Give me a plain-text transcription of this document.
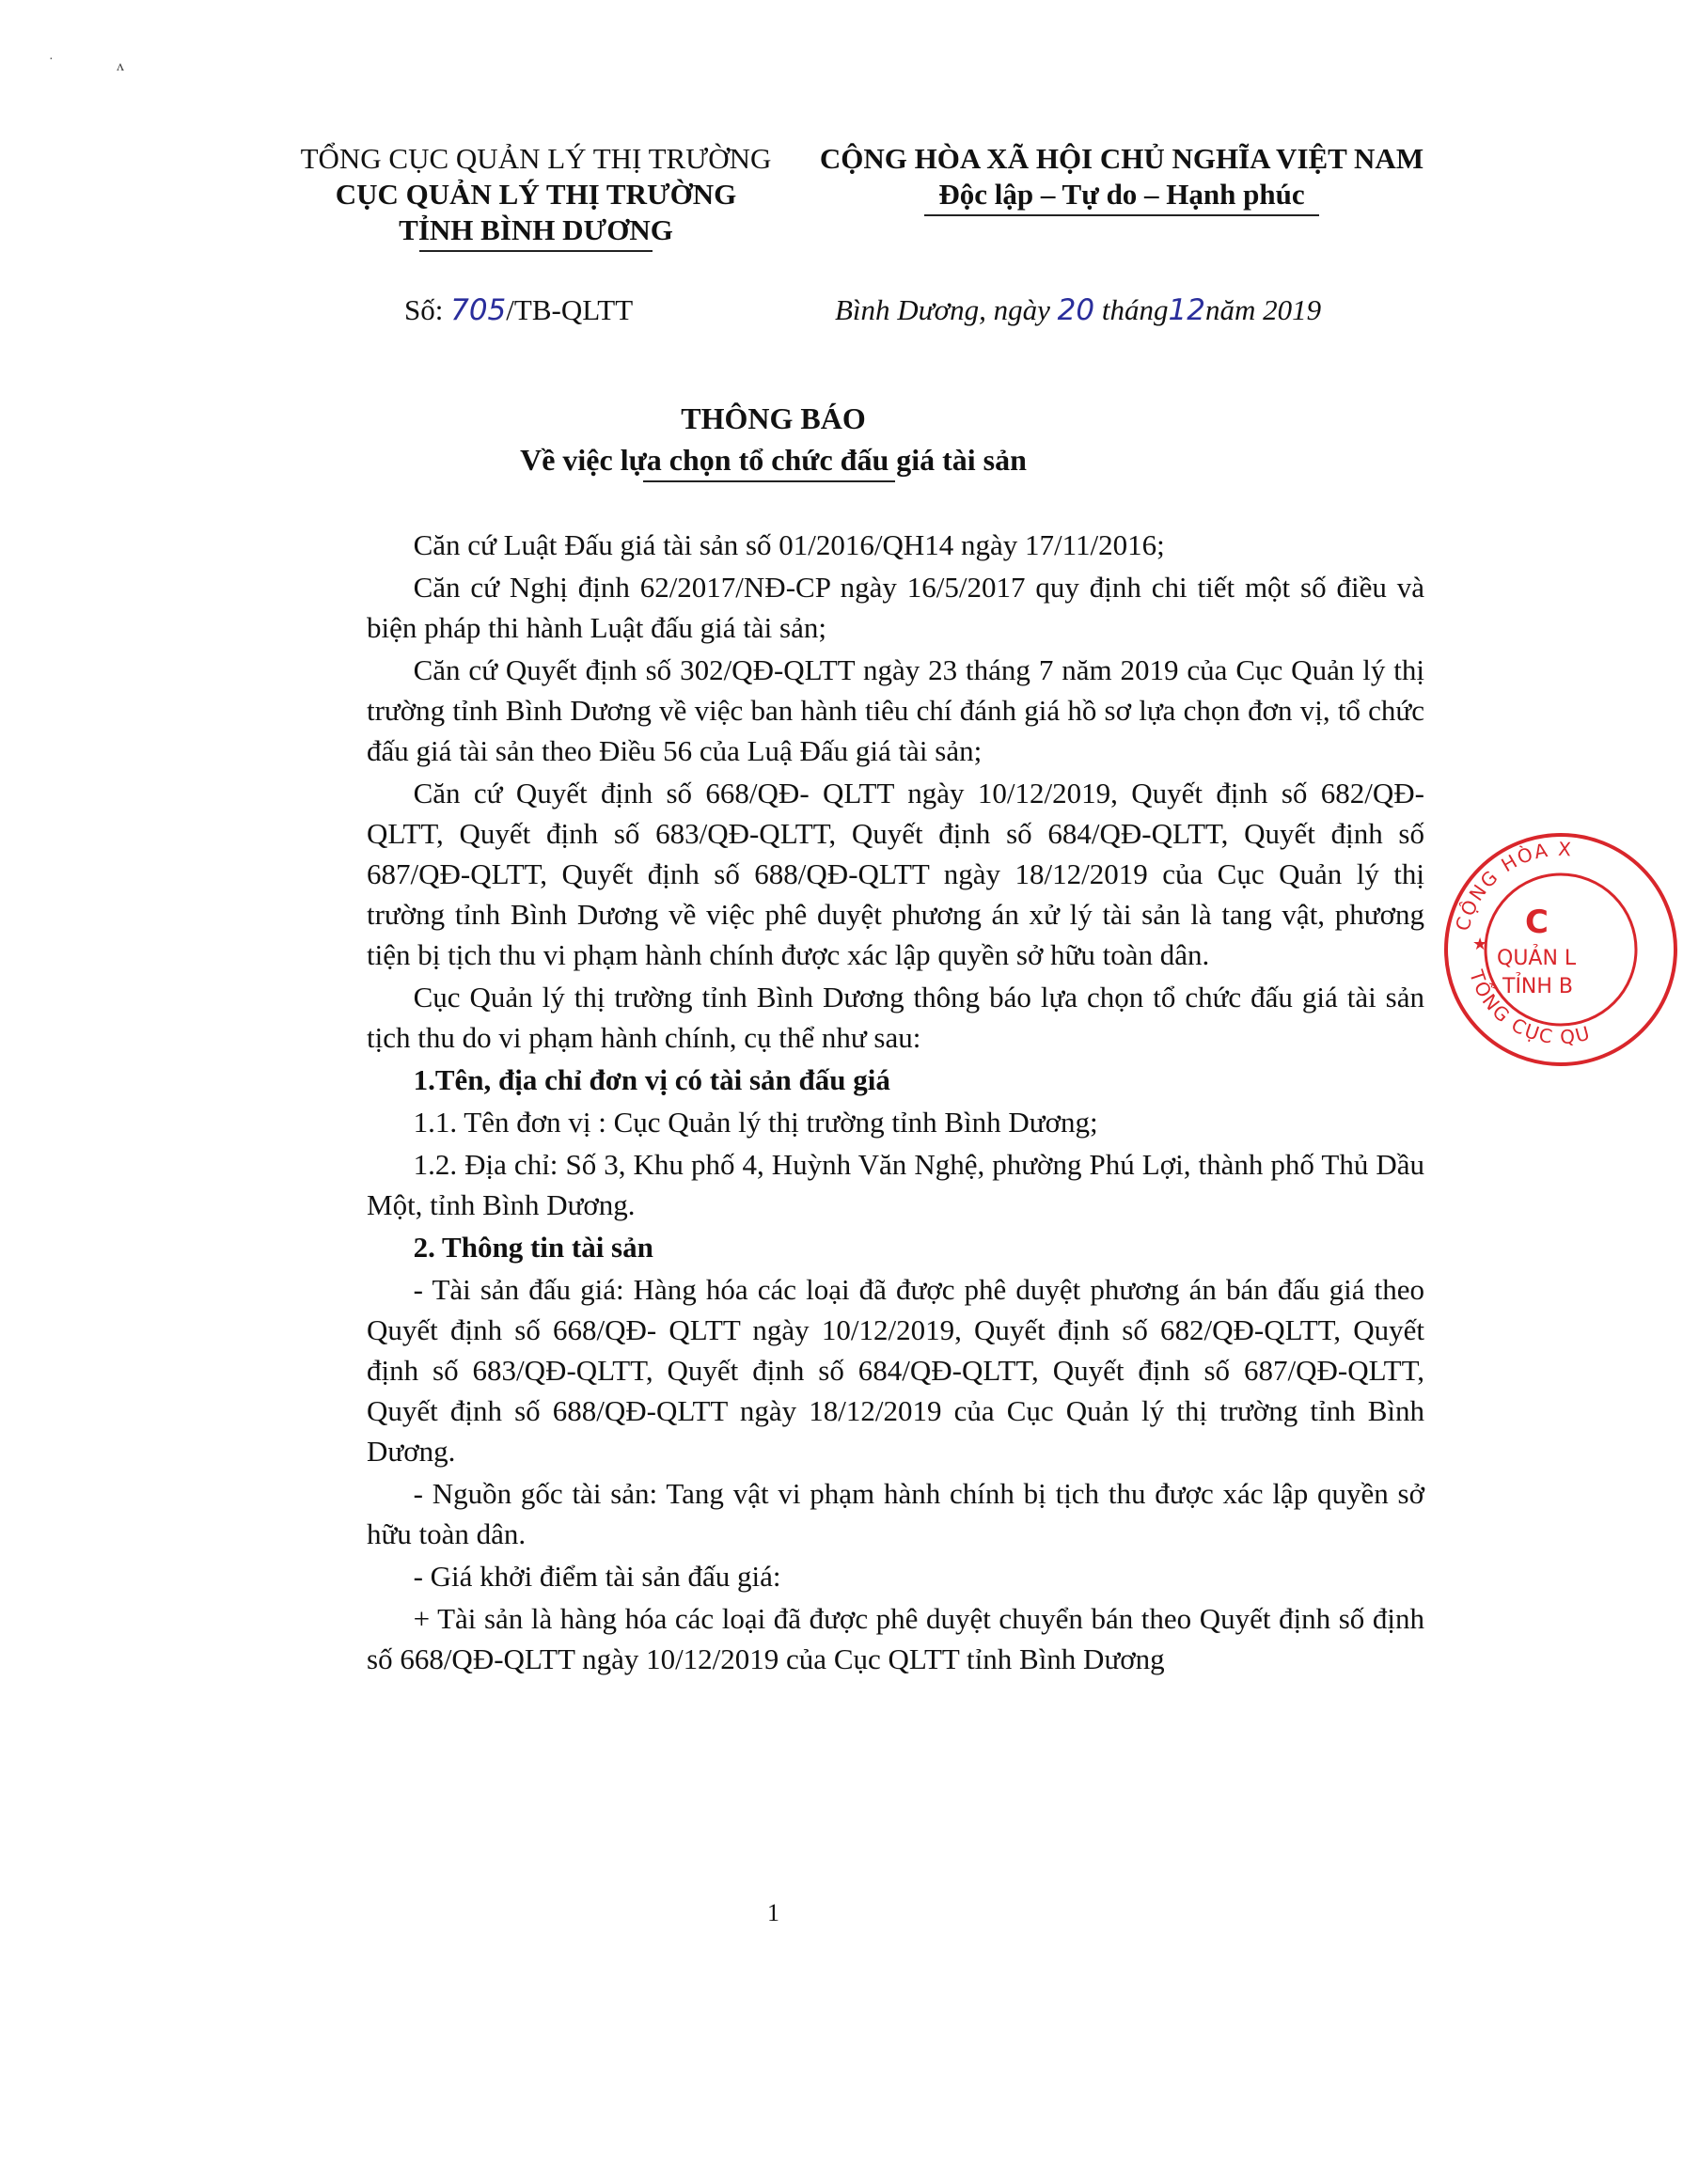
·	ʌ
TỔNG CỤC QUẢN LÝ THỊ TRƯỜNG
CỤC QUẢN LÝ THỊ TRƯỜNG
TỈNH BÌNH DƯƠNG
CỘNG HÒA XÃ HỘI CHỦ NGHĨA VIỆT NAM
Độc lập – Tự do – Hạnh phúc
Số: 705/TB-QLTT	Bình Dương, ngày 20 tháng12năm 2019
THÔNG BÁO
Về việc lựa chọn tổ chức đấu giá tài sản

Căn cứ Luật Đấu giá tài sản số 01/2016/QH14 ngày 17/11/2016;

Căn cứ Nghị định 62/2017/NĐ-CP ngày 16/5/2017 quy định chi tiết một số điều và biện pháp thi hành Luật đấu giá tài sản;

Căn cứ Quyết định số 302/QĐ-QLTT ngày 23 tháng 7 năm 2019 của Cục Quản lý thị trường tỉnh Bình Dương về việc ban hành tiêu chí đánh giá hồ sơ lựa chọn đơn vị, tổ chức đấu giá tài sản theo Điều 56 của Luậ Đấu giá tài sản;

Căn cứ Quyết định số 668/QĐ- QLTT ngày 10/12/2019, Quyết định số 682/QĐ-QLTT, Quyết định số 683/QĐ-QLTT, Quyết định số 684/QĐ-QLTT, Quyết định số 687/QĐ-QLTT, Quyết định số 688/QĐ-QLTT ngày 18/12/2019 của Cục Quản lý thị trường tỉnh Bình Dương về việc phê duyệt phương án xử lý tài sản là tang vật, phương tiện bị tịch thu vi phạm hành chính được xác lập quyền sở hữu toàn dân.

Cục Quản lý thị trường tỉnh Bình Dương thông báo lựa chọn tổ chức đấu giá tài sản tịch thu do vi phạm hành chính, cụ thể như sau:

1.Tên, địa chỉ đơn vị có tài sản đấu giá

1.1. Tên đơn vị : Cục Quản lý thị trường tỉnh Bình Dương;

1.2. Địa chỉ: Số 3, Khu phố 4, Huỳnh Văn Nghệ, phường Phú Lợi, thành phố Thủ Dầu Một, tỉnh Bình Dương.

2. Thông tin tài sản

- Tài sản đấu giá: Hàng hóa các loại đã được phê duyệt phương án bán đấu giá theo Quyết định số 668/QĐ- QLTT ngày 10/12/2019, Quyết định số 682/QĐ-QLTT, Quyết định số 683/QĐ-QLTT, Quyết định số 684/QĐ-QLTT, Quyết định số 687/QĐ-QLTT, Quyết định số 688/QĐ-QLTT ngày 18/12/2019 của Cục Quản lý thị trường tỉnh Bình Dương.

- Nguồn gốc tài sản: Tang vật vi phạm hành chính bị tịch thu được xác lập quyền sở hữu toàn dân.

- Giá khởi điểm tài sản đấu giá:

+ Tài sản là hàng hóa các loại đã được phê duyệt chuyển bán theo Quyết định số định số 668/QĐ-QLTT ngày 10/12/2019 của Cục QLTT tỉnh Bình Dương

1
CỘNG HÒA X
TỔNG CỤC QU
★
C
QUẢN L
TỈNH B
